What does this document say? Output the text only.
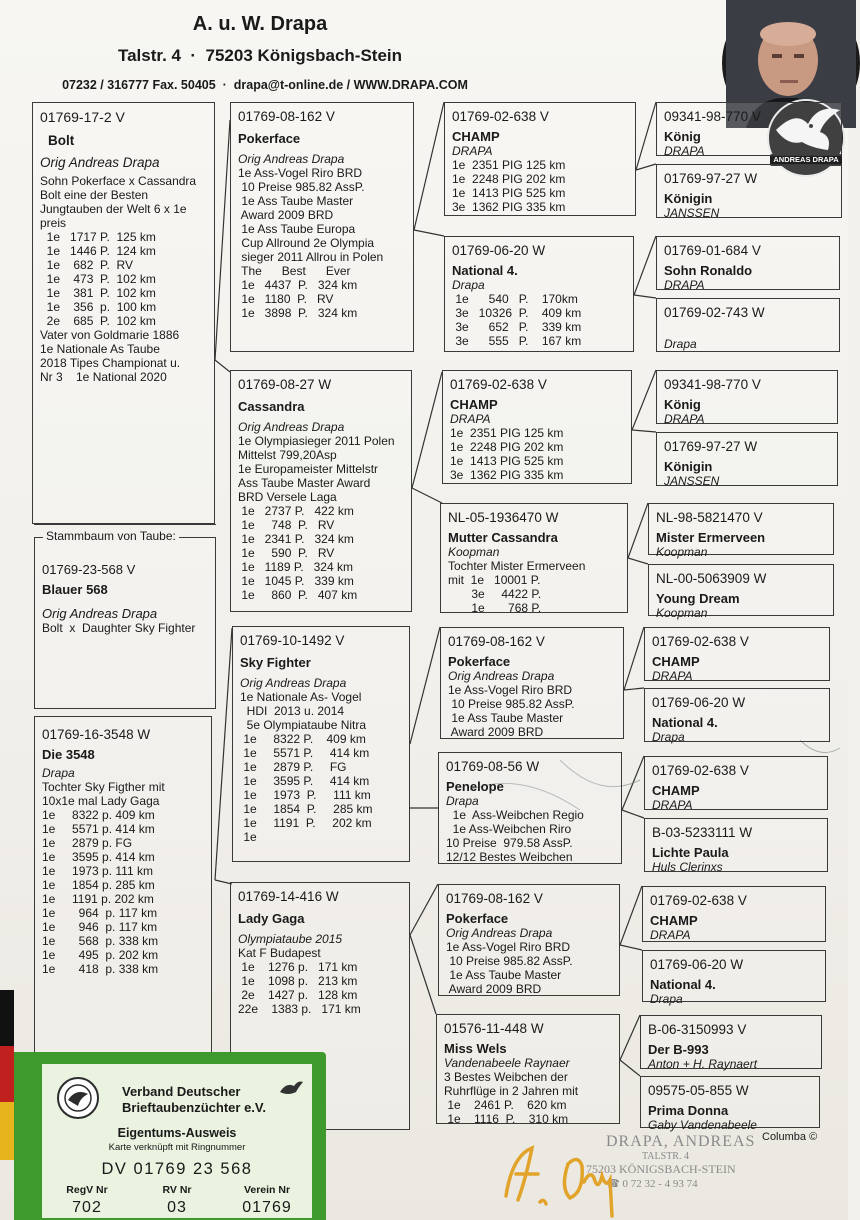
A. u. W. Drapa
Talstr. 4  ·  75203 Königsbach-Stein
07232 / 316777 Fax. 50405  ·  drapa@t-online.de / WWW.DRAPA.COM
ANDREAS DRAPA
01769-17-2 V
Bolt
Orig Andreas Drapa
Sohn Pokerface x Cassandra
Bolt eine der Besten
Jungtauben der Welt 6 x 1e
preis
1e   1717 P.  125 km
1e   1446 P.  124 km
1e    682  P.  RV
1e    473  P.  102 km
1e    381  P.  102 km
1e    356  p.  100 km
2e    685  P.  102 km
Vater von Goldmarie 1886
1e Nationale As Taube
2018 Tipes Championat u.
Nr 3    1e National 2020
Stammbaum von Taube:
01769-23-568 V
Blauer 568
Orig Andreas Drapa
Bolt  x  Daughter Sky Fighter
01769-16-3548 W
Die 3548
Drapa
Tochter Sky Figther mit
10x1e mal Lady Gaga
1e     8322 p. 409 km
1e     5571 p. 414 km
1e     2879 p. FG
1e     3595 p. 414 km
1e     1973 p. 111 km
1e     1854 p. 285 km
1e     1191 p. 202 km
1e       964  p. 117 km
1e       946  p. 117 km
1e       568  p. 338 km
1e       495  p. 202 km
1e       418  p. 338 km
01769-08-162 V
Pokerface
Orig Andreas Drapa
1e Ass-Vogel Riro BRD
10 Preise 985.82 AssP.
1e Ass Taube Master
Award 2009 BRD
1e Ass Taube Europa
Cup Allround 2e Olympia
sieger 2011 Allrou in Polen
The      Best      Ever
1e   4437  P.   324 km
1e   1180  P.   RV
1e   3898  P.   324 km
01769-08-27 W
Cassandra
Orig Andreas Drapa
1e Olympiasieger 2011 Polen
Mittelst 799,20Asp
1e Europameister Mittelstr
Ass Taube Master Award
BRD Versele Laga
1e   2737 P.   422 km
1e     748  P.   RV
1e   2341 P.   324 km
1e     590  P.   RV
1e   1189 P.   324 km
1e   1045 P.   339 km
1e     860  P.   407 km
01769-10-1492 V
Sky Fighter
Orig Andreas Drapa
1e Nationale As- Vogel
HDI  2013 u. 2014
5e Olympiataube Nitra
1e     8322 P.    409 km
1e     5571 P.     414 km
1e     2879 P.     FG
1e     3595 P.     414 km
1e     1973  P.     111 km
1e     1854  P.     285 km
1e     1191  P.     202 km
1e
01769-14-416 W
Lady Gaga
Olympiataube 2015
Kat F Budapest
1e    1276 p.   171 km
1e    1098 p.   213 km
2e    1427 p.   128 km
22e    1383 p.   171 km
01769-02-638 V
CHAMP
DRAPA
1e  2351 PIG 125 km
1e  2248 PIG 202 km
1e  1413 PIG 525 km
3e  1362 PIG 335 km
01769-06-20 W
National 4.
Drapa
1e      540   P.    170km
3e   10326  P.    409 km
3e      652   P.    339 km
3e      555   P.    167 km
01769-02-638 V
CHAMP
DRAPA
1e  2351 PIG 125 km
1e  2248 PIG 202 km
1e  1413 PIG 525 km
3e  1362 PIG 335 km
NL-05-1936470 W
Mutter Cassandra
Koopman
Tochter Mister Ermerveen
mit  1e   10001 P.
3e     4422 P.
1e       768 P.
01769-08-162 V
Pokerface
Orig Andreas Drapa
1e Ass-Vogel Riro BRD
10 Preise 985.82 AssP.
1e Ass Taube Master
Award 2009 BRD
01769-08-56 W
Penelope
Drapa
1e  Ass-Weibchen Regio
1e Ass-Weibchen Riro
10 Preise  979.58 AssP.
12/12 Bestes Weibchen
01769-08-162 V
Pokerface
Orig Andreas Drapa
1e Ass-Vogel Riro BRD
10 Preise 985.82 AssP.
1e Ass Taube Master
Award 2009 BRD
01576-11-448 W
Miss Wels
Vandenabeele Raynaer
3 Bestes Weibchen der
Ruhrflüge in 2 Jahren mit
1e    2461 P.    620 km
1e    1116  P.    310 km
09341-98-770 V
König
DRAPA
01769-97-27 W
Königin
JANSSEN
01769-01-684 V
Sohn Ronaldo
DRAPA
01769-02-743 W
Drapa
09341-98-770 V
König
DRAPA
01769-97-27 W
Königin
JANSSEN
NL-98-5821470 V
Mister Ermerveen
Koopman
NL-00-5063909 W
Young Dream
Koopman
01769-02-638 V
CHAMP
DRAPA
01769-06-20 W
National 4.
Drapa
01769-02-638 V
CHAMP
DRAPA
B-03-5233111 W
Lichte Paula
Huls Clerinxs
01769-02-638 V
CHAMP
DRAPA
01769-06-20 W
National 4.
Drapa
B-06-3150993 V
Der B-993
Anton + H. Raynaert
09575-05-855 W
Prima Donna
Gaby Vandenabeele
Columba ©
DRAPA, ANDREAS
TALSTR. 4
75203 KÖNIGSBACH-STEIN
☎ 0 72 32 - 4 93 74
Verband Deutscher
Brieftaubenzüchter e.V.
Eigentums-Ausweis
Karte verknüpft mit Ringnummer
DV 01769 23 568
RegV Nr	RV Nr	Verein Nr
702	03	01769
